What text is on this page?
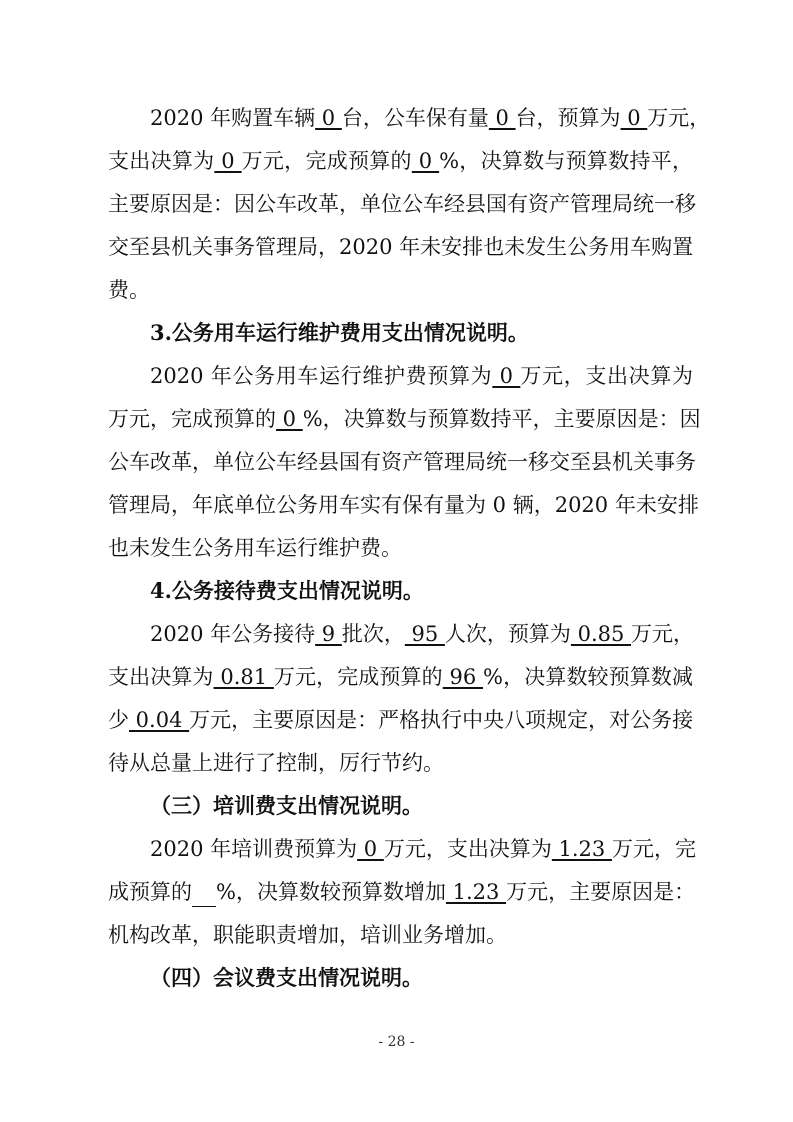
2020 年购置车辆 0 台，公车保有量 0 台，预算为 0 万元，
支出决算为 0 万元，完成预算的 0 %，决算数与预算数持平，
主要原因是：因公车改革，单位公车经县国有资产管理局统一移
交至县机关事务管理局，2020 年未安排也未发生公务用车购置
费。
3.公务用车运行维护费用支出情况说明。
2020 年公务用车运行维护费预算为 0 万元，支出决算为
万元，完成预算的 0 %，决算数与预算数持平，主要原因是：因
公车改革，单位公车经县国有资产管理局统一移交至县机关事务
管理局，年底单位公务用车实有保有量为 0 辆，2020 年未安排
也未发生公务用车运行维护费。
4.公务接待费支出情况说明。
2020 年公务接待 9 批次， 95 人次，预算为 0.85 万元，
支出决算为 0.81 万元，完成预算的 96 %，决算数较预算数减
少 0.04 万元，主要原因是：严格执行中央八项规定，对公务接
待从总量上进行了控制，厉行节约。
（三）培训费支出情况说明。
2020 年培训费预算为 0 万元，支出决算为 1.23 万元，完
成预算的 %，决算数较预算数增加 1.23 万元，主要原因是：
机构改革，职能职责增加，培训业务增加。
（四）会议费支出情况说明。
- 28 -
